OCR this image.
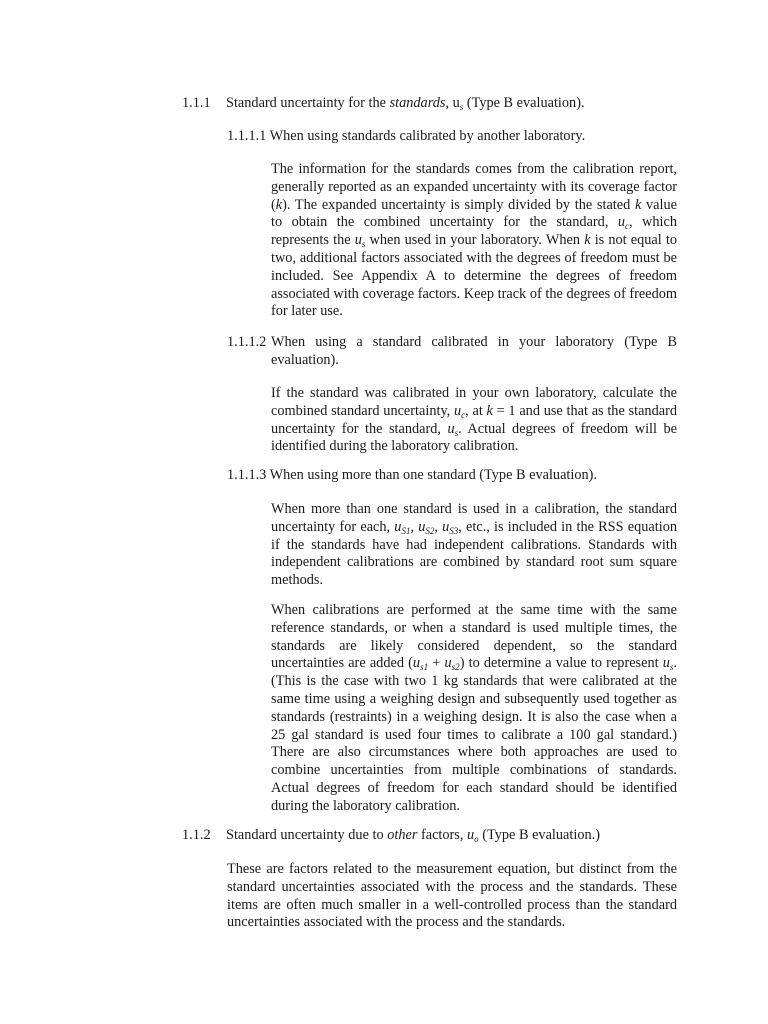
1.1.1 Standard uncertainty for the standards, $u_s$ (Type B evaluation).
1.1.1.1 When using standards calibrated by another laboratory.

The information for the standards comes from the calibration report, generally reported as an expanded uncertainty with its coverage factor (k). The expanded uncertainty is simply divided by the stated k value to obtain the combined uncertainty for the standard, $u_c$, which represents the $u_s$ when used in your laboratory. When k is not equal to two, additional factors associated with the degrees of freedom must be included. See Appendix A to determine the degrees of freedom associated with coverage factors. Keep track of the degrees of freedom for later use.

1.1.1.2 When using a standard calibrated in your laboratory (Type B evaluation).

If the standard was calibrated in your own laboratory, calculate the combined standard uncertainty, $u_c$, at k = 1 and use that as the standard uncertainty for the standard, $u_s$. Actual degrees of freedom will be identified during the laboratory calibration.

1.1.1.3 When using more than one standard (Type B evaluation).

When more than one standard is used in a calibration, the standard uncertainty for each, $u_{S1}$, $u_{S2}$, $u_{S3}$, etc., is included in the RSS equation if the standards have had independent calibrations. Standards with independent calibrations are combined by standard root sum square methods.

When calibrations are performed at the same time with the same reference standards, or when a standard is used multiple times, the standards are likely considered dependent, so the standard uncertainties are added $(u_{s1} + u_{s2})$ to determine a value to represent $u_s$. (This is the case with two 1 kg standards that were calibrated at the same time using a weighing design and subsequently used together as standards (restraints) in a weighing design. It is also the case when a 25 gal standard is used four times to calibrate a 100 gal standard.) There are also circumstances where both approaches are used to combine uncertainties from multiple combinations of standards. Actual degrees of freedom for each standard should be identified during the laboratory calibration.

1.1.2 Standard uncertainty due to other factors, $u_o$ (Type B evaluation.)

These are factors related to the measurement equation, but distinct from the standard uncertainties associated with the process and the standards. These items are often much smaller in a well-controlled process than the standard uncertainties associated with the process and the standards.
